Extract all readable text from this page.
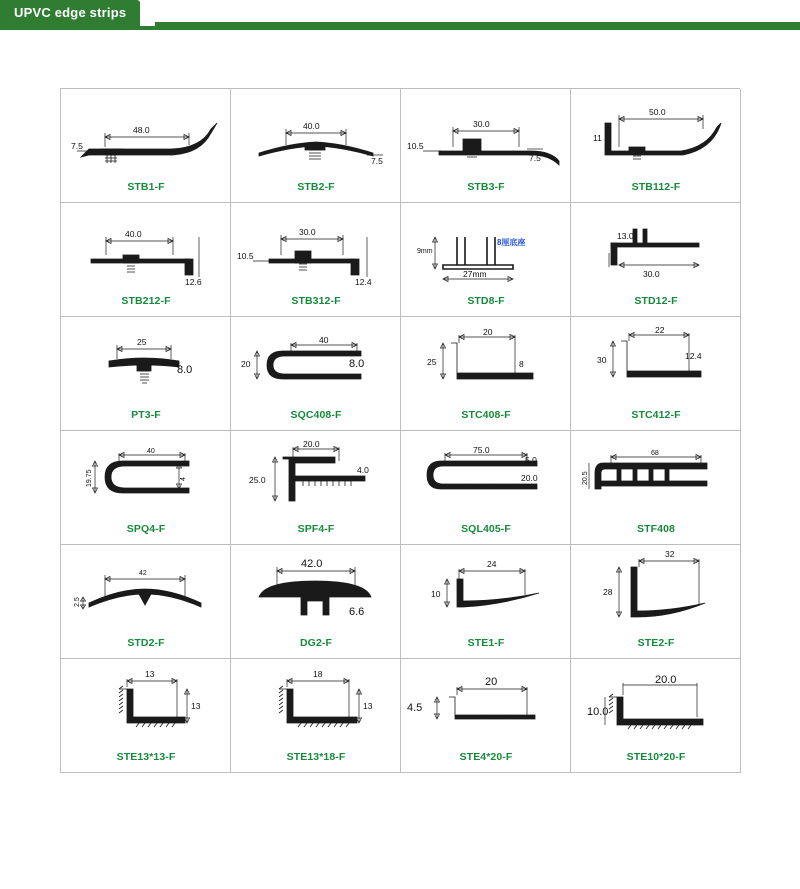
UPVC edge strips
48.0
7.5
STB1-F
40.0
7.5
STB2-F
30.0
10.5
7.5
STB3-F
50.0
11
STB112-F
40.0
12.6
STB212-F
30.0
10.5
12.4
STB312-F
9mm
27mm
8厘底座
STD8-F
13.0
30.0
STD12-F
25
8.0
PT3-F
40
20	8.0
SQC408-F
20
25	8
STC408-F
22
30	12.4
STC412-F
40
19.75	4
SPQ4-F
20.0
25.0
4.0
SPF4-F
75.0
5.0
20.0
SQL405-F
68
20.5
STF408
42
2.5
STD2-F
42.0
6.6
DG2-F
24
10
STE1-F
32
28
STE2-F
13
13
STE13*13-F
18
13
STE13*18-F
20
4.5
STE4*20-F
20.0
10.0
STE10*20-F
